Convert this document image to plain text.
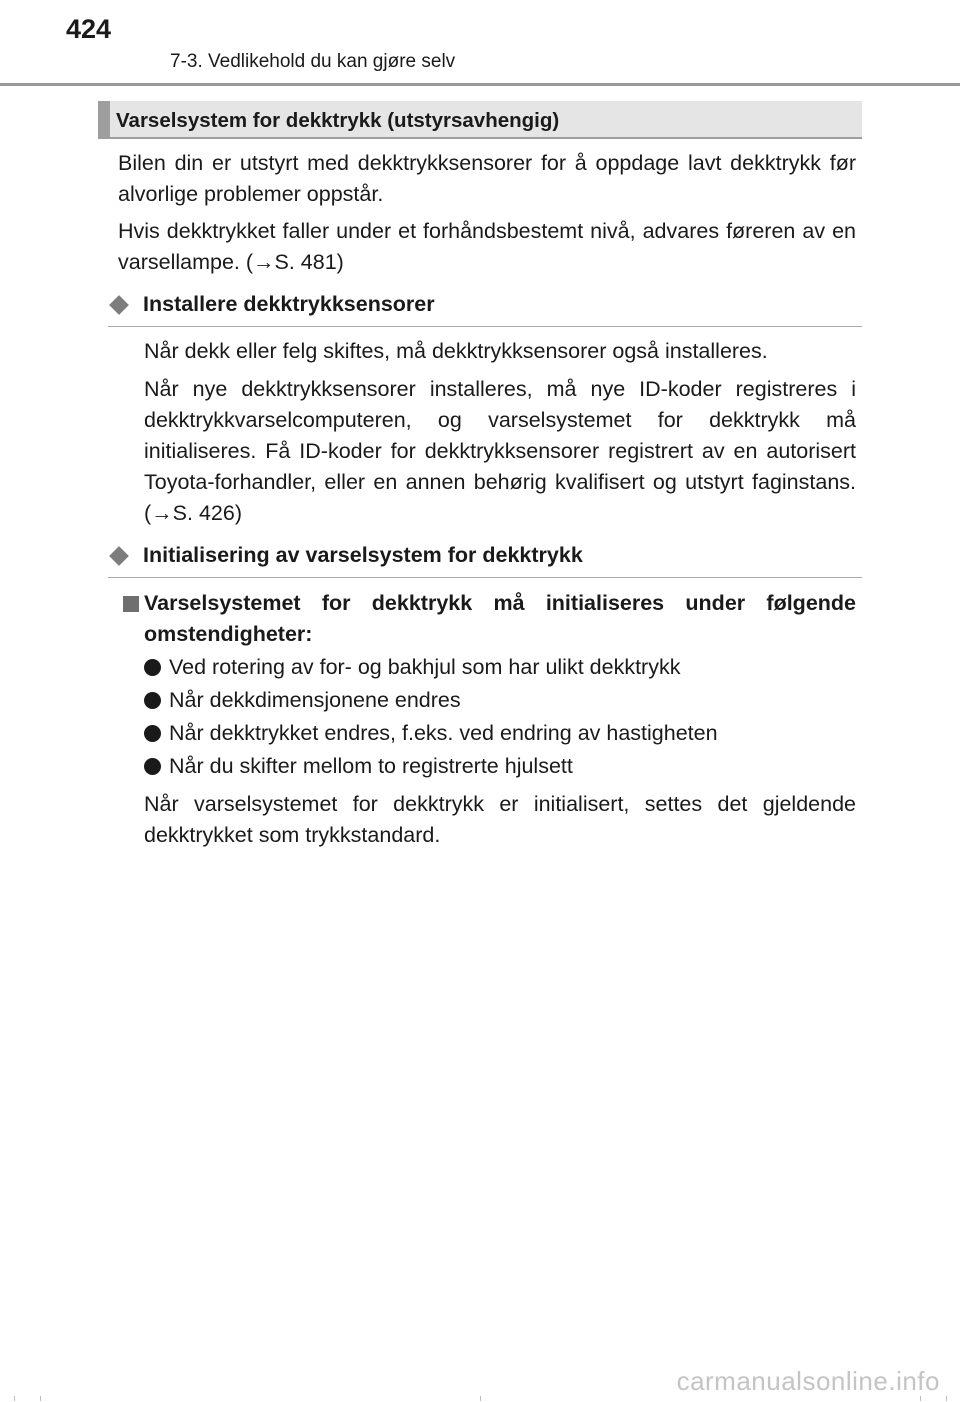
424
7-3. Vedlikehold du kan gjøre selv
Varselsystem for dekktrykk (utstyrsavhengig)

Bilen din er utstyrt med dekktrykksensorer for å oppdage lavt dekktrykk før alvorlige problemer oppstår.

Hvis dekktrykket faller under et forhåndsbestemt nivå, advares føreren av en varsellampe. (→S. 481)

Installere dekktrykksensorer

Når dekk eller felg skiftes, må dekktrykksensorer også installeres.

Når nye dekktrykksensorer installeres, må nye ID-koder registreres i dekktrykkvarselcomputeren, og varselsystemet for dekktrykk må initialiseres. Få ID-koder for dekktrykksensorer registrert av en autorisert Toyota-forhandler, eller en annen behørig kvalifisert og utstyrt faginstans. (→S. 426)

Initialisering av varselsystem for dekktrykk

Varselsystemet for dekktrykk må initialiseres under følgende omstendigheter:

Ved rotering av for- og bakhjul som har ulikt dekktrykk
Når dekkdimensjonene endres
Når dekktrykket endres, f.eks. ved endring av hastigheten
Når du skifter mellom to registrerte hjulsett

Når varselsystemet for dekktrykk er initialisert, settes det gjeldende dekktrykket som trykkstandard.

carmanualsonline.info
